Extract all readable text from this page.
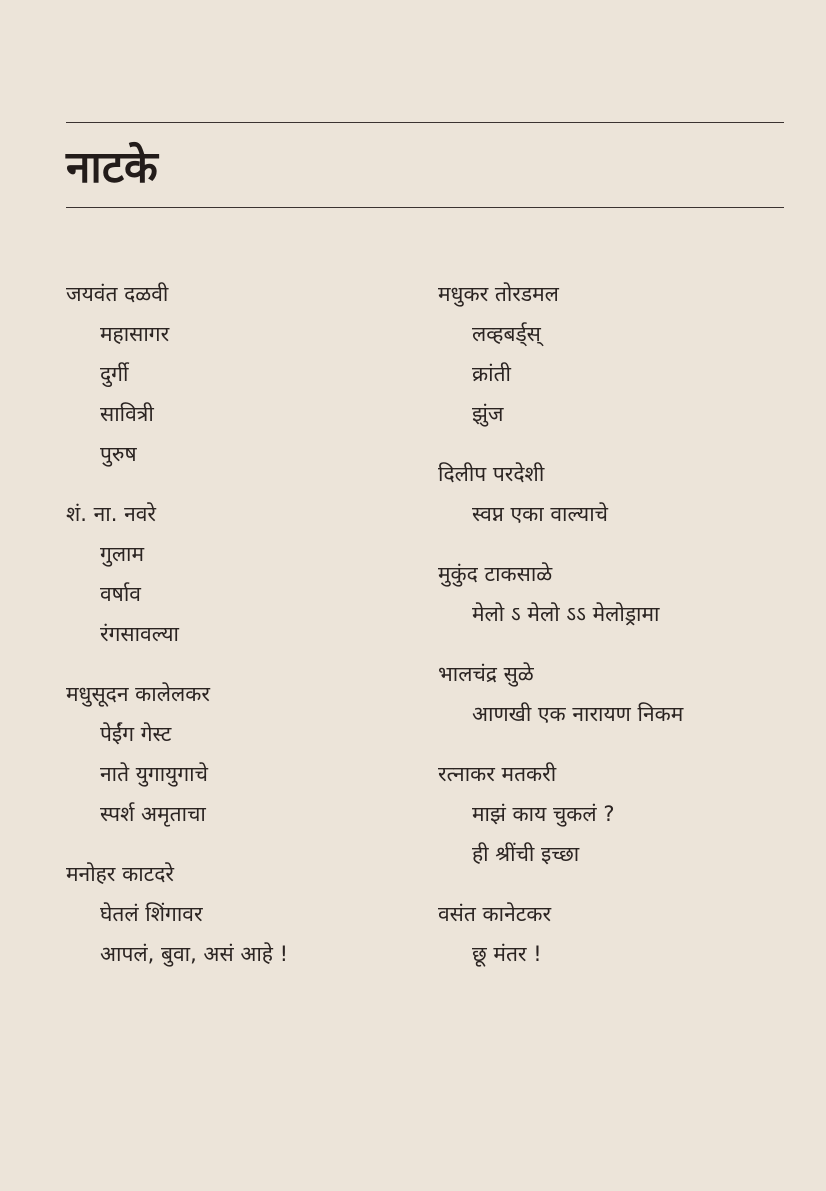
नाटके
जयवंत दळवी
महासागर
दुर्गी
सावित्री
पुरुष
शं. ना. नवरे
गुलाम
वर्षाव
रंगसावल्या
मधुसूदन कालेलकर
पेईंग गेस्ट
नाते युगायुगाचे
स्पर्श अमृताचा
मनोहर काटदरे
घेतलं शिंगावर
आपलं, बुवा, असं आहे !
मधुकर तोरडमल
लव्हबर्ड्स्
क्रांती
झुंज
दिलीप परदेशी
स्वप्न एका वाल्याचे
मुकुंद टाकसाळे
मेलो ऽ मेलो ऽऽ मेलोड्रामा
भालचंद्र सुळे
आणखी एक नारायण निकम
रत्नाकर मतकरी
माझं काय चुकलं ?
ही श्रींची इच्छा
वसंत कानेटकर
छू मंतर !
